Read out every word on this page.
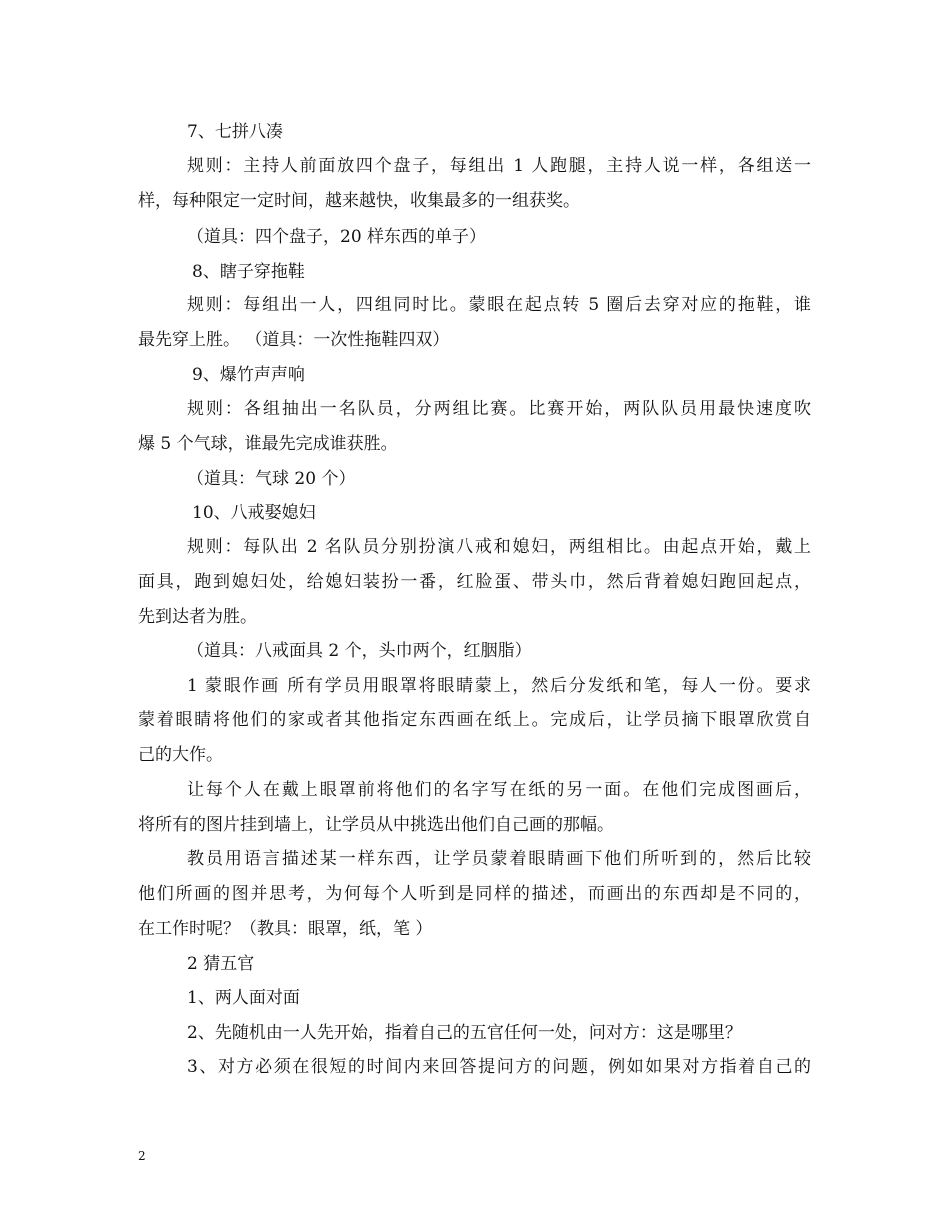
7、七拼八凑
规则：主持人前面放四个盘子，每组出 1 人跑腿，主持人说一样，各组送一
样，每种限定一定时间，越来越快，收集最多的一组获奖。
（道具：四个盘子，20 样东西的单子）
8、瞎子穿拖鞋
规则：每组出一人，四组同时比。蒙眼在起点转 5 圈后去穿对应的拖鞋，谁
最先穿上胜。 （道具：一次性拖鞋四双）
9、爆竹声声响
规则：各组抽出一名队员，分两组比赛。比赛开始，两队队员用最快速度吹
爆 5 个气球，谁最先完成谁获胜。
（道具：气球 20 个）
10、八戒娶媳妇
规则：每队出 2 名队员分别扮演八戒和媳妇，两组相比。由起点开始，戴上
面具，跑到媳妇处，给媳妇装扮一番，红脸蛋、带头巾，然后背着媳妇跑回起点，
先到达者为胜。
（道具：八戒面具 2 个，头巾两个，红胭脂）
1 蒙眼作画 所有学员用眼罩将眼睛蒙上，然后分发纸和笔，每人一份。要求
蒙着眼睛将他们的家或者其他指定东西画在纸上。完成后，让学员摘下眼罩欣赏自
己的大作。
让每个人在戴上眼罩前将他们的名字写在纸的另一面。在他们完成图画后，
将所有的图片挂到墙上，让学员从中挑选出他们自己画的那幅。
教员用语言描述某一样东西，让学员蒙着眼睛画下他们所听到的，然后比较
他们所画的图并思考，为何每个人听到是同样的描述，而画出的东西却是不同的，
在工作时呢？（教具：眼罩，纸，笔 ）
2 猜五官
1、两人面对面
2、先随机由一人先开始，指着自己的五官任何一处，问对方：这是哪里？
3、对方必须在很短的时间内来回答提问方的问题，例如如果对方指着自己的
2
